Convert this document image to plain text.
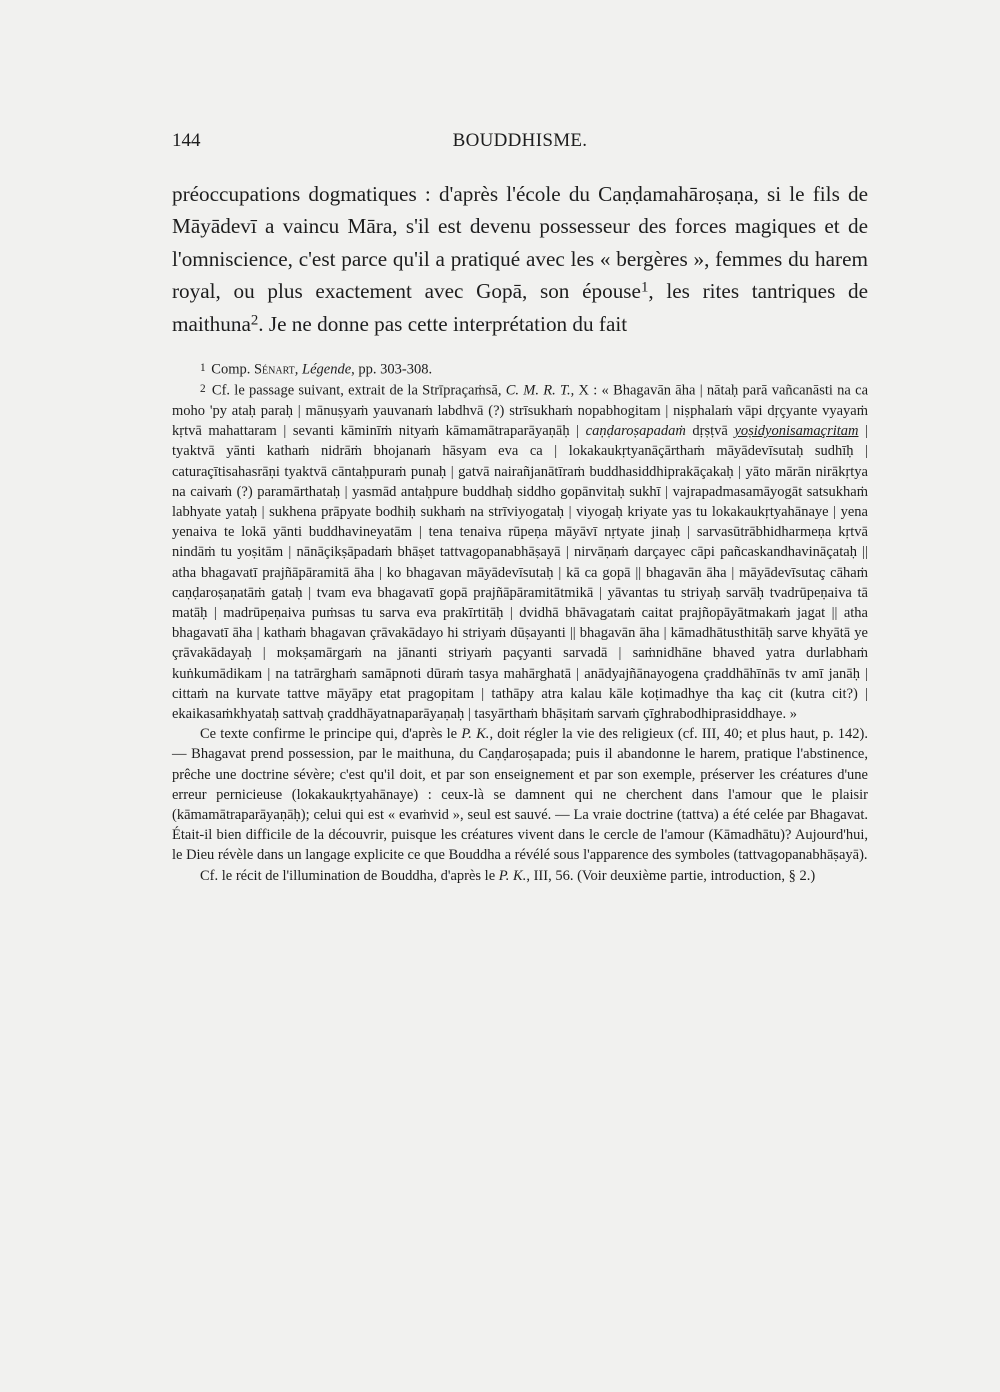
144	BOUDDHISME.

préoccupations dogmatiques : d'après l'école du Caṇḍamahāroṣaṇa, si le fils de Māyādevī a vaincu Māra, s'il est devenu possesseur des forces magiques et de l'omniscience, c'est parce qu'il a pratiqué avec les « bergères », femmes du harem royal, ou plus exactement avec Gopā, son épouse$^1$, les rites tantriques de maithuna$^2$. Je ne donne pas cette interprétation du fait

1 Comp. Sénart, Légende, pp. 303-308.

2 Cf. le passage suivant, extrait de la Strīpraçaṁsā, C. M. R. T., X : « Bhagavān āha | nātaḥ parā vañcanāsti na ca moho 'py ataḥ paraḥ | mānuṣyaṁ yauvanaṁ labdhvā (?) strīsukhaṁ nopabhogitam | niṣphalaṁ vāpi dṛçyante vyayaṁ kṛtvā mahattaram | sevanti kāminīṁ nityaṁ kāmamātraparāyaṇāḥ | caṇḍaroṣapadaṁ dṛṣṭvā yoṣidyonisamaçritam | tyaktvā yānti kathaṁ nidrāṁ bhojanaṁ hāsyam eva ca | lokakaukṛtyanāçārthaṁ māyādevīsutaḥ sudhīḥ | caturaçītisahasrāṇi tyaktvā cāntaḥpuraṁ punaḥ | gatvā nairañjanātīraṁ buddhasiddhiprakāçakaḥ | yāto mārān nirākṛtya na caivaṁ (?) paramārthataḥ | yasmād antaḥpure buddhaḥ siddho gopānvitaḥ sukhī | vajrapadmasamāyogāt satsukhaṁ labhyate yataḥ | sukhena prāpyate bodhiḥ sukhaṁ na strīviyogataḥ | viyogaḥ kriyate yas tu lokakaukṛtyahānaye | yena yenaiva te lokā yānti buddhavineyatām | tena tenaiva rūpeṇa māyāvī nṛtyate jinaḥ | sarvasūtrābhidharmeṇa kṛtvā nindāṁ tu yoṣitām | nānāçikṣāpadaṁ bhāṣet tattvagopanabhāṣayā | nirvāṇaṁ darçayec cāpi pañcaskandhavināçataḥ || atha bhagavatī prajñāpāramitā āha | ko bhagavan māyādevīsutaḥ | kā ca gopā || bhagavān āha | māyādevīsutaç cāhaṁ caṇḍaroṣaṇatāṁ gataḥ | tvam eva bhagavatī gopā prajñāpāramitātmikā | yāvantas tu striyaḥ sarvāḥ tvadrūpeṇaiva tā matāḥ | madrūpeṇaiva puṁsas tu sarva eva prakīrtitāḥ | dvidhā bhāvagataṁ caitat prajñopāyātmakaṁ jagat || atha bhagavatī āha | kathaṁ bhagavan çrāvakādayo hi striyaṁ dūṣayanti || bhagavān āha | kāmadhātusthitāḥ sarve khyātā ye çrāvakādayaḥ | mokṣamārgaṁ na jānanti striyaṁ paçyanti sarvadā | saṁnidhāne bhaved yatra durlabhaṁ kuṅkumādikam | na tatrārghaṁ samāpnoti dūraṁ tasya mahārghatā | anādyajñānayogena çraddhāhīnās tv amī janāḥ | cittaṁ na kurvate tattve māyāpy etat pragopitam | tathāpy atra kalau kāle koṭimadhye tha kaç cit (kutra cit?) | ekaikasaṁkhyataḥ sattvaḥ çraddhāyatnaparāyaṇaḥ | tasyārthaṁ bhāṣitaṁ sarvaṁ çīghrabodhiprasiddhaye. »

Ce texte confirme le principe qui, d'après le P. K., doit régler la vie des religieux (cf. III, 40; et plus haut, p. 142). — Bhagavat prend possession, par le maithuna, du Caṇḍaroṣapada; puis il abandonne le harem, pratique l'abstinence, prêche une doctrine sévère; c'est qu'il doit, et par son enseignement et par son exemple, préserver les créatures d'une erreur pernicieuse (lokakaukṛtyahānaye) : ceux-là se damnent qui ne cherchent dans l'amour que le plaisir (kāmamātraparāyaṇāḥ); celui qui est « evaṁvid », seul est sauvé. — La vraie doctrine (tattva) a été celée par Bhagavat. Était-il bien difficile de la découvrir, puisque les créatures vivent dans le cercle de l'amour (Kāmadhātu)? Aujourd'hui, le Dieu révèle dans un langage explicite ce que Bouddha a révélé sous l'apparence des symboles (tattvagopanabhāṣayā).

Cf. le récit de l'illumination de Bouddha, d'après le P. K., III, 56. (Voir deuxième partie, introduction, § 2.)
